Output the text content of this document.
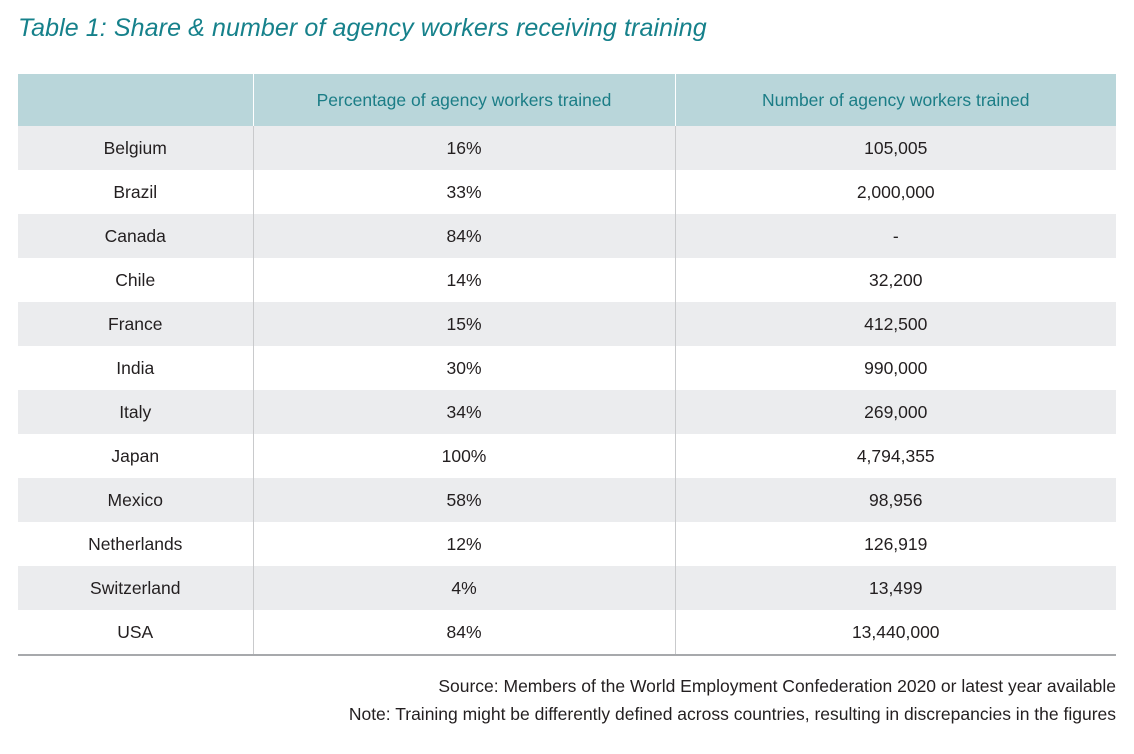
Table 1: Share & number of agency workers receiving training
	Percentage of agency workers trained	Number of agency workers trained
Belgium	16%	105,005
Brazil	33%	2,000,000
Canada	84%	-
Chile	14%	32,200
France	15%	412,500
India	30%	990,000
Italy	34%	269,000
Japan	100%	4,794,355
Mexico	58%	98,956
Netherlands	12%	126,919
Switzerland	4%	13,499
USA	84%	13,440,000
Source: Members of the World Employment Confederation 2020 or latest year available
Note: Training might be differently defined across countries, resulting in discrepancies in the figures
